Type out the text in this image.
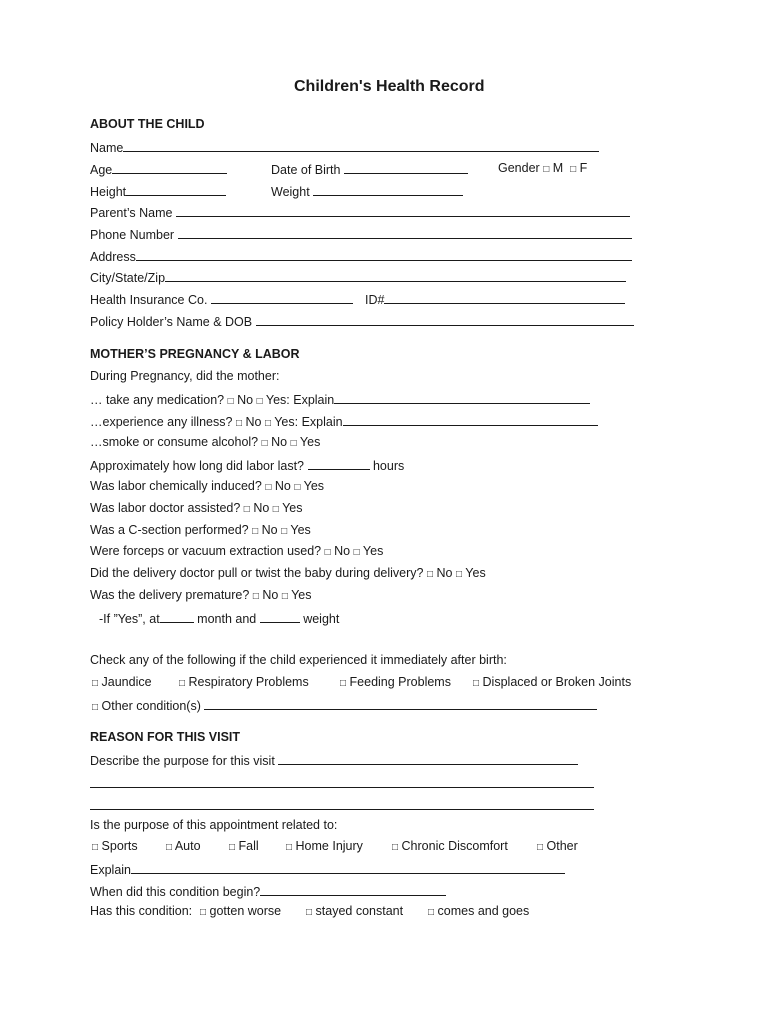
Children's Health Record
ABOUT THE CHILD
Name
Age	Date of Birth	Gender □ M □ F
Height	Weight
Parent’s Name
Phone Number
Address
City/State/Zip
Health Insurance Co.	ID#
Policy Holder’s Name & DOB
MOTHER’S PREGNANCY & LABOR
During Pregnancy, did the mother:
… take any medication? □ No □ Yes: Explain
…experience any illness? □ No □ Yes: Explain
…smoke or consume alcohol? □ No □ Yes
Approximately how long did labor last?	hours
Was labor chemically induced? □ No □ Yes
Was labor doctor assisted? □ No □ Yes
Was a C-section performed? □ No □ Yes
Were forceps or vacuum extraction used? □ No □ Yes
Did the delivery doctor pull or twist the baby during delivery? □ No □ Yes
Was the delivery premature? □ No □ Yes
-If ”Yes”, at	month and	weight
Check any of the following if the child experienced it immediately after birth:
□ Jaundice	□ Respiratory Problems	□ Feeding Problems □ Displaced or Broken Joints
□ Other condition(s)
REASON FOR THIS VISIT
Describe the purpose for this visit
Is the purpose of this appointment related to:
□ Sports	□ Auto	□ Fall	□ Home Injury	□ Chronic Discomfort	□ Other
Explain
When did this condition begin?
Has this condition: □ gotten worse □ stayed constant □ comes and goes
